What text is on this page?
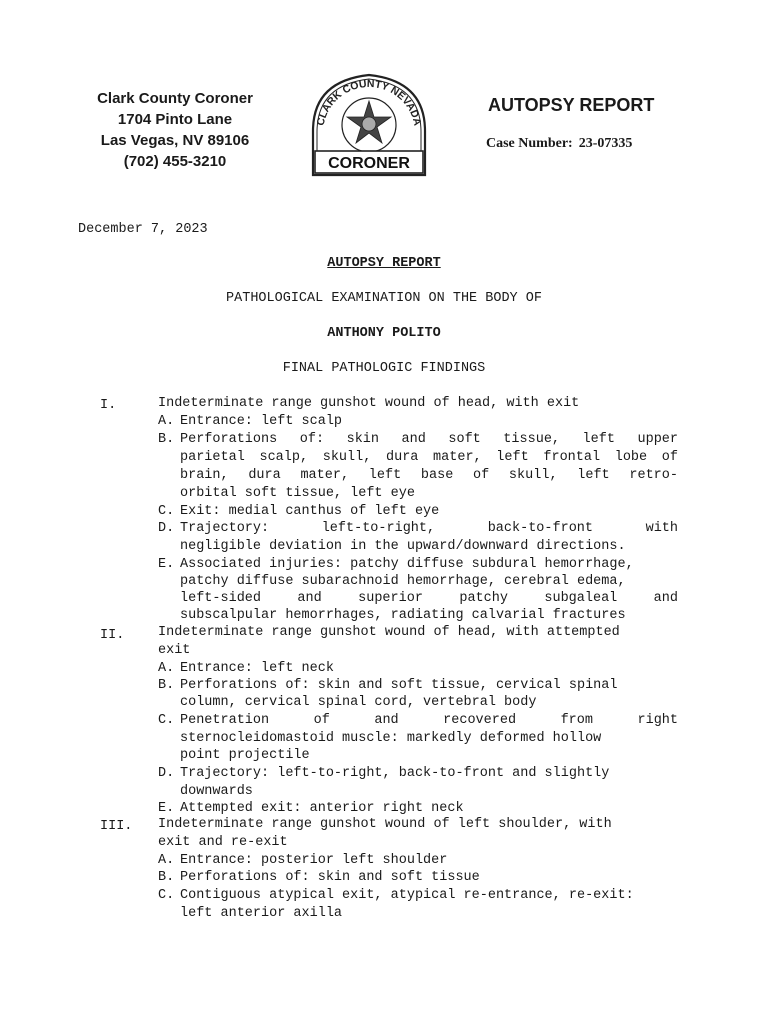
Clark County Coroner
1704 Pinto Lane
Las Vegas, NV 89106
(702) 455-3210
CLARK COUNTY NEVADA
CORONER
AUTOPSY REPORT
Case Number: 23-07335
December 7, 2023
AUTOPSY REPORT
PATHOLOGICAL EXAMINATION ON THE BODY OF
ANTHONY POLITO
FINAL PATHOLOGIC FINDINGS
I.	Indeterminate range gunshot wound of head, with exit
A. Entrance: left scalp
B. Perforations of: skin and soft tissue, left upper
parietal scalp, skull, dura mater, left frontal lobe of
brain, dura mater, left base of skull, left retro-
orbital soft tissue, left eye
C. Exit: medial canthus of left eye
D. Trajectory: left-to-right, back-to-front with
negligible deviation in the upward/downward directions.
E. Associated injuries: patchy diffuse subdural hemorrhage,
patchy diffuse subarachnoid hemorrhage, cerebral edema,
left-sided and superior patchy subgaleal and
subscalpular hemorrhages, radiating calvarial fractures
II. Indeterminate range gunshot wound of head, with attempted
exit
A. Entrance: left neck
B. Perforations of: skin and soft tissue, cervical spinal
column, cervical spinal cord, vertebral body
C. Penetration of and recovered from right
sternocleidomastoid muscle: markedly deformed hollow
point projectile
D. Trajectory: left-to-right, back-to-front and slightly
downwards
E. Attempted exit: anterior right neck
III. Indeterminate range gunshot wound of left shoulder, with
exit and re-exit
A. Entrance: posterior left shoulder
B. Perforations of: skin and soft tissue
C. Contiguous atypical exit, atypical re-entrance, re-exit:
left anterior axilla
